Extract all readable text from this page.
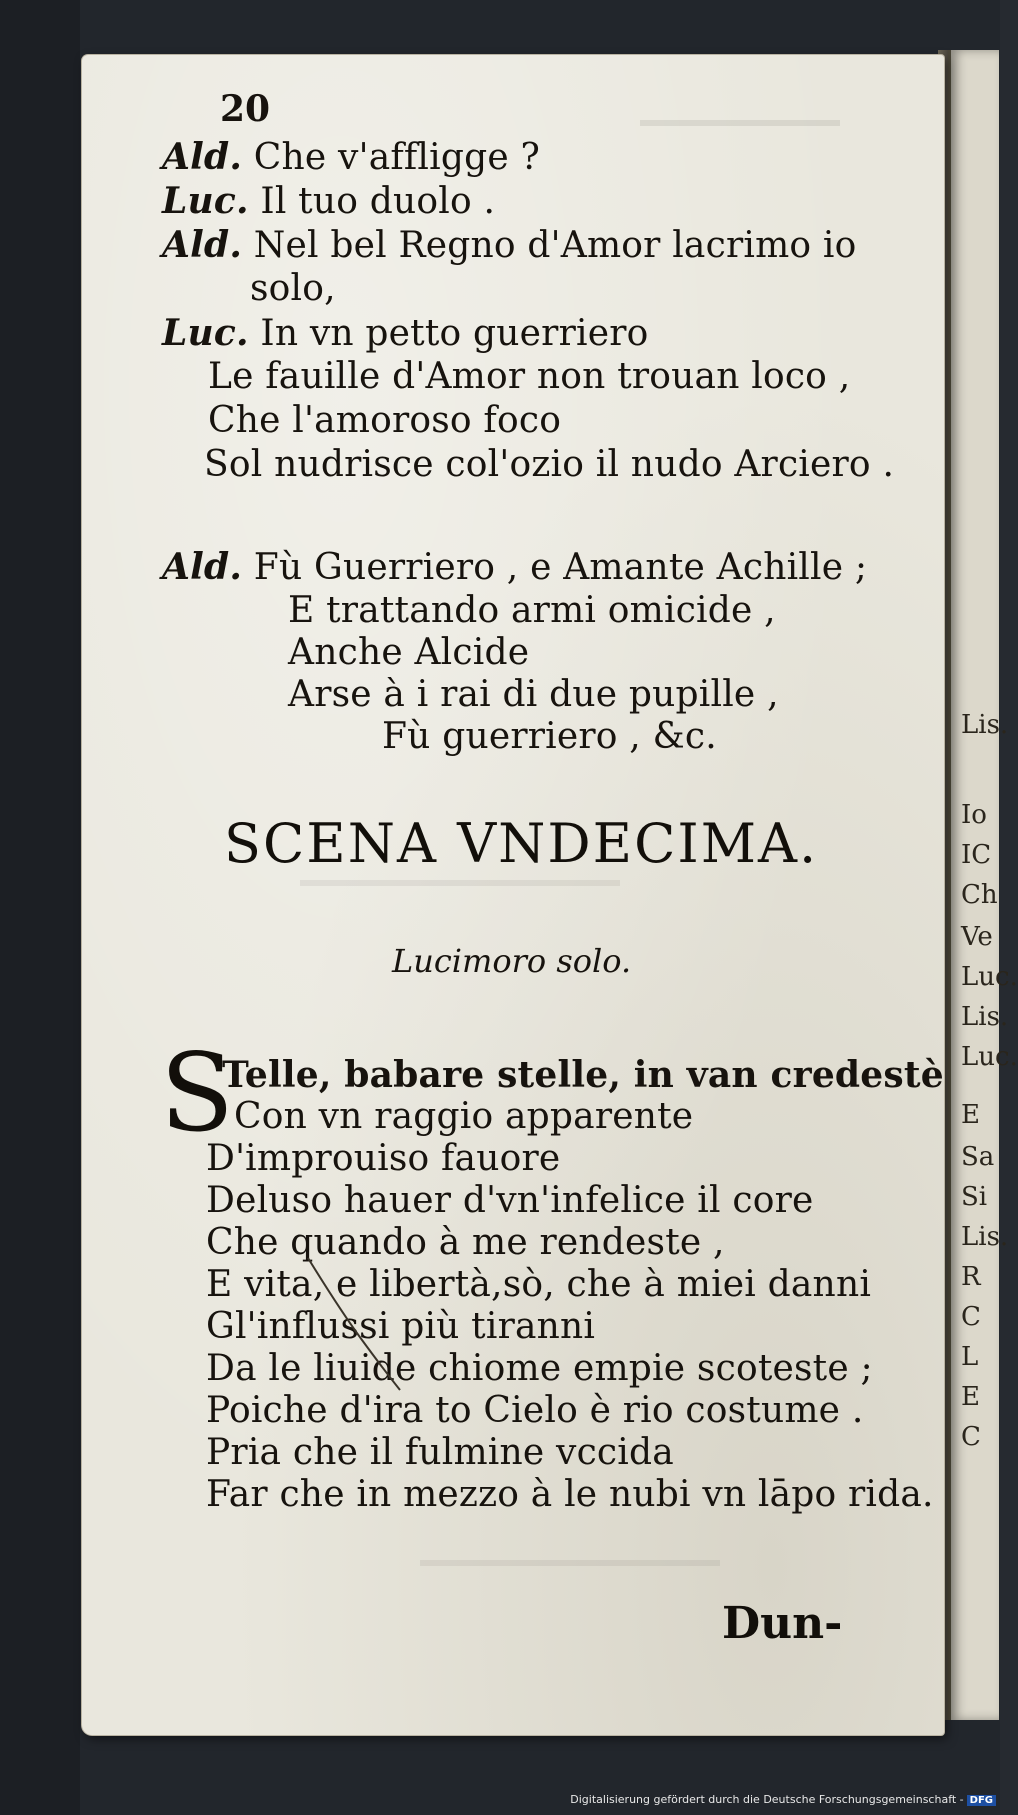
Lis.
Io
IC
Ch
Ve
Luc.
Lis.
Luc.
E
Sa
Si
Lis.
R
C
L
E
C
20
Ald. Che v'affligge ?
Luc. Il tuo duolo .
Ald. Nel bel Regno d'Amor lacrimo io
solo,
Luc. In vn petto guerriero
Le fauille d'Amor non trouan loco ,
Che l'amoroso foco
Sol nudrisce col'ozio il nudo Arciero .
Ald. Fù Guerriero , e Amante Achille ;
E trattando armi omicide ,
Anche Alcide
Arse à i rai di due pupille ,
Fù guerriero , &c.
SCENA VNDECIMA.
Lucimoro solo.
S
Telle, babare stelle, in van credestè
Con vn raggio apparente
D'improuiso fauore
Deluso hauer d'vn'infelice il core
Che quando à me rendeste ,
E vita, e libertà,sò, che à miei danni
Gl'influssi più tiranni
Da le liuide chiome empie scoteste ;
Poiche d'ira to Cielo è rio costume .
Pria che il fulmine vccida
Far che in mezzo à le nubi vn lāpo rida.
Dun-
Digitalisierung gefördert durch die Deutsche Forschungsgemeinschaft - DFG
